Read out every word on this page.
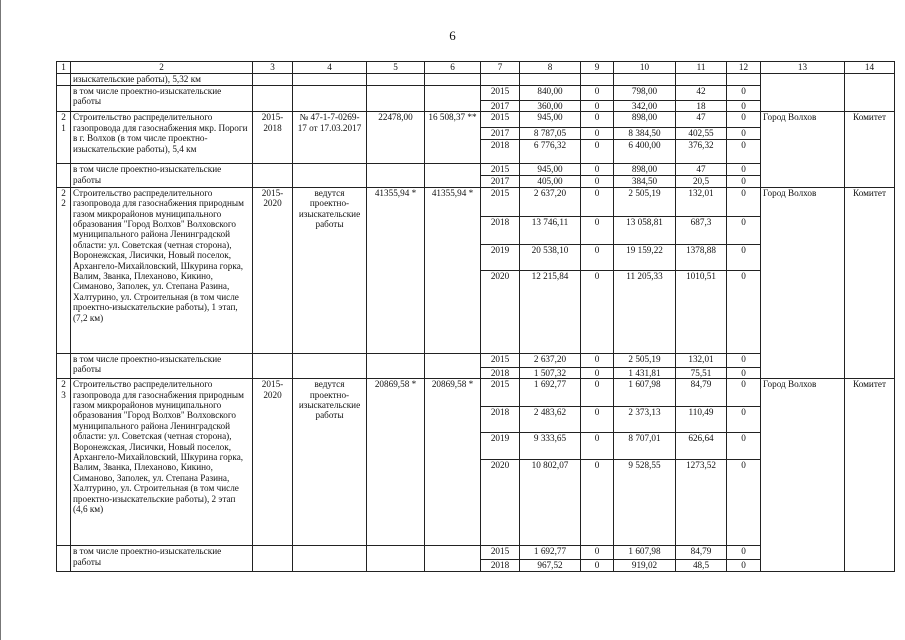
6
1	2	3	4	5	6	7	8	9	10	11	12	13	14
	изыскательские работы), 5,32 км												
	в том числе проектно-изыскательские работы					2015	840,00	0	798,00	42	0		
						2017	360,00	0	342,00	18	0		
21	Строительство распределительного газопровода для газоснабжения мкр. Пороги в г. Волхов (в том числе проектно-изыскательские работы), 5,4 км	2015-2018	№ 47-1-7-0269-17 от 17.03.2017	22478,00	16 508,37 **	2015	945,00	0	898,00	47	0	Город Волхов	Комитет
						2017	8 787,05	0	8 384,50	402,55	0		
						2018	6 776,32	0	6 400,00	376,32	0		
	в том числе проектно-изыскательские работы					2015	945,00	0	898,00	47	0		
						2017	405,00	0	384,50	20,5	0		
22	Строительство распределительного газопровода для газоснабжения природным газом микрорайонов муниципального образования "Город Волхов" Волховского муниципального района Ленинградской области: ул. Советская (четная сторона), Воронежская, Лисички, Новый поселок, Архангело-Михайловский, Шкурина горка, Валим, Званка, Плеханово, Кикино, Симаново, Заполек, ул. Степана Разина, Халтурино, ул. Строительная (в том числе проектно-изыскательские работы), 1 этап, (7,2 км)	2015-2020	ведутся проектно-изыскательские работы	41355,94 *	41355,94 *	2015	2 637,20	0	2 505,19	132,01	0	Город Волхов	Комитет
						2018	13 746,11	0	13 058,81	687,3	0		
						2019	20 538,10	0	19 159,22	1378,88	0		
						2020	12 215,84	0	11 205,33	1010,51	0		
	в том числе проектно-изыскательские работы					2015	2 637,20	0	2 505,19	132,01	0		
						2018	1 507,32	0	1 431,81	75,51	0		
23	Строительство распределительного газопровода для газоснабжения природным газом микрорайонов муниципального образования "Город Волхов" Волховского муниципального района Ленинградской области: ул. Советская (четная сторона), Воронежская, Лисички, Новый поселок, Архангело-Михайловский, Шкурина горка, Валим, Званка, Плеханово, Кикино, Симаново, Заполек, ул. Степана Разина, Халтурино, ул. Строительная (в том числе проектно-изыскательские работы), 2 этап (4,6 км)	2015-2020	ведутся проектно-изыскательские работы	20869,58 *	20869,58 *	2015	1 692,77	0	1 607,98	84,79	0	Город Волхов	Комитет
						2018	2 483,62	0	2 373,13	110,49	0		
						2019	9 333,65	0	8 707,01	626,64	0		
						2020	10 802,07	0	9 528,55	1273,52	0		
	в том числе проектно-изыскательские работы					2015	1 692,77	0	1 607,98	84,79	0		
						2018	967,52	0	919,02	48,5	0		
